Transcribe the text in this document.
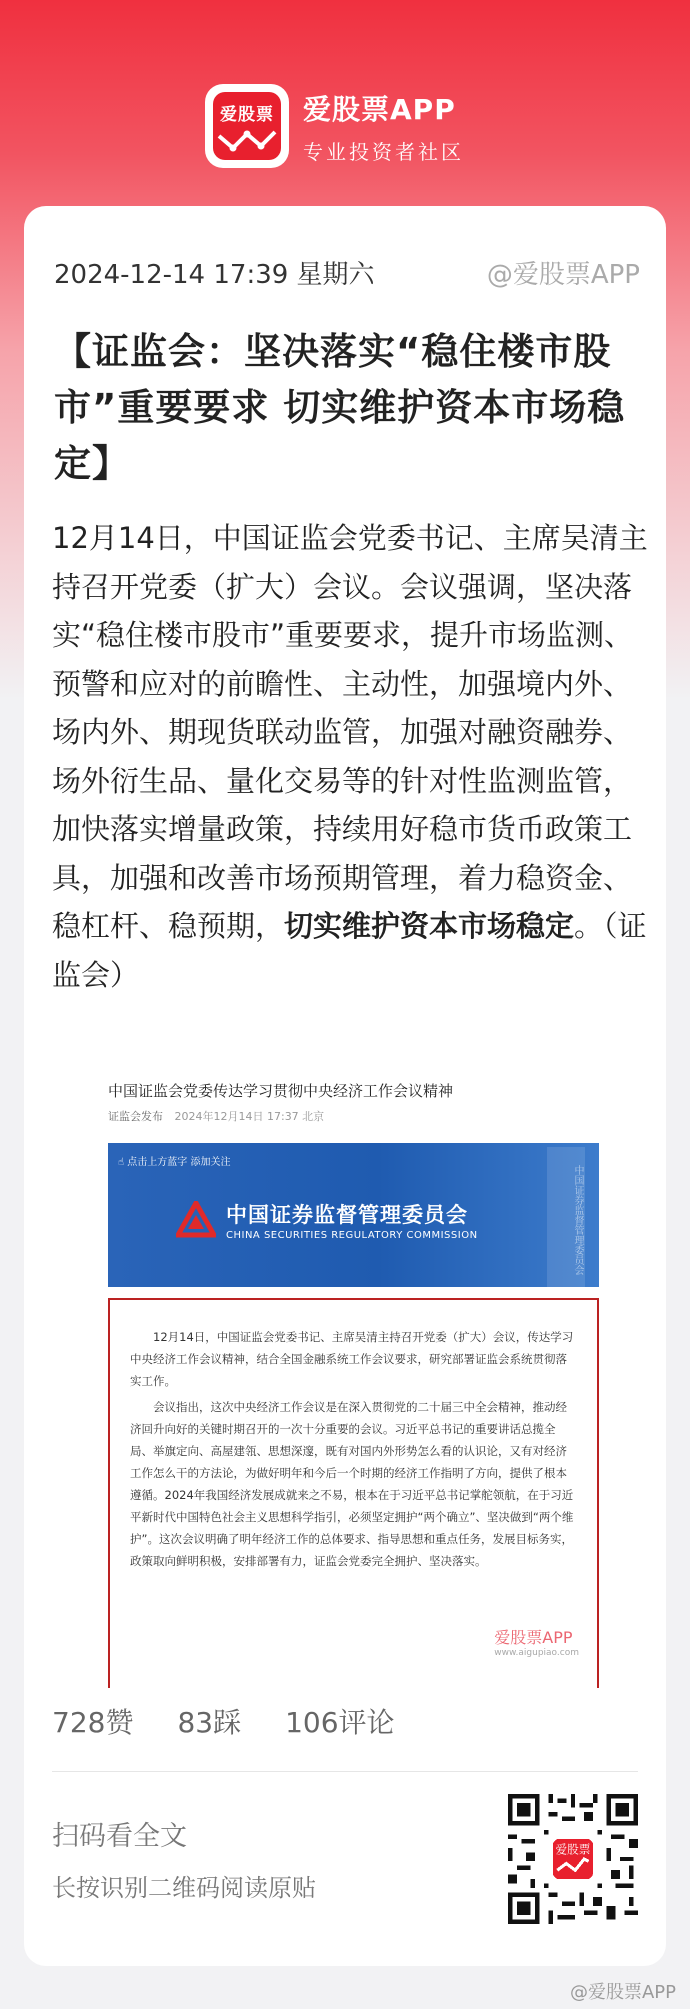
爱股票 爱股票APP
专业投资者社区
2024-12-14 17:39 星期六	@爱股票APP
【证监会：坚决落实“稳住楼市股市”重要要求 切实维护资本市场稳定】
12月14日，中国证监会党委书记、主席吴清主持召开党委（扩大）会议。会议强调，坚决落实“稳住楼市股市”重要要求，提升市场监测、预警和应对的前瞻性、主动性，加强境内外、场内外、期现货联动监管，加强对融资融券、场外衍生品、量化交易等的针对性监测监管，加快落实增量政策，持续用好稳市货币政策工具，加强和改善市场预期管理，着力稳资金、稳杠杆、稳预期，切实维护资本市场稳定。（证监会）
中国证监会党委传达学习贯彻中央经济工作会议精神
证监会发布 2024年12月14日 17:37 北京
☝ 点击上方蓝字 添加关注
中国证券监督管理委员会
CHINA SECURITIES REGULATORY COMMISSION	中国证券监督管理委员会

12月14日，中国证监会党委书记、主席吴清主持召开党委（扩大）会议，传达学习中央经济工作会议精神，结合全国金融系统工作会议要求，研究部署证监会系统贯彻落实工作。

会议指出，这次中央经济工作会议是在深入贯彻党的二十届三中全会精神，推动经济回升向好的关键时期召开的一次十分重要的会议。习近平总书记的重要讲话总揽全局、举旗定向、高屋建瓴、思想深邃，既有对国内外形势怎么看的认识论，又有对经济工作怎么干的方法论，为做好明年和今后一个时期的经济工作指明了方向，提供了根本遵循。2024年我国经济发展成就来之不易，根本在于习近平总书记掌舵领航，在于习近平新时代中国特色社会主义思想科学指引，必须坚定拥护“两个确立”、坚决做到“两个维护”。这次会议明确了明年经济工作的总体要求、指导思想和重点任务，发展目标务实，政策取向鲜明积极，安排部署有力，证监会党委完全拥护、坚决落实。

爱股票APP
www.aigupiao.com
728赞 83踩 106评论
扫码看全文
长按识别二维码阅读原贴
爱股票
@爱股票APP
